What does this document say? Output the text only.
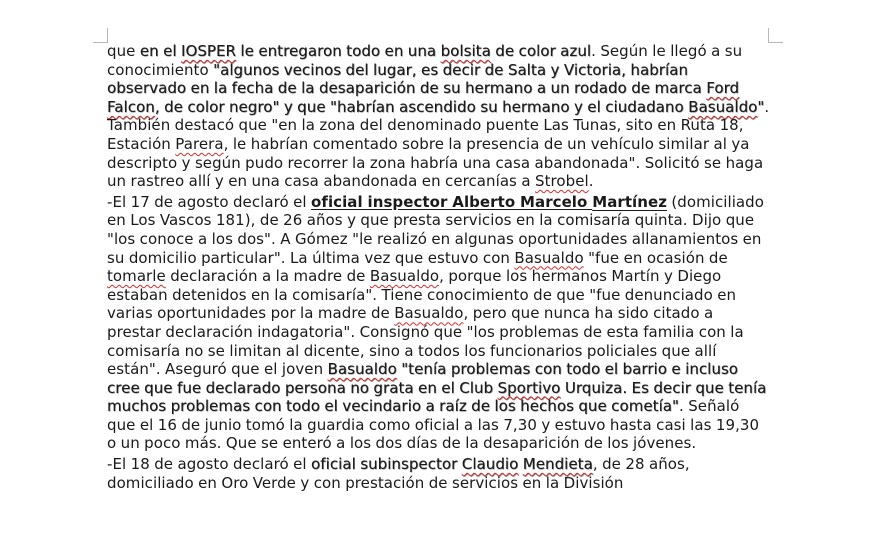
que en el IOSPER le entregaron todo en una bolsita de color azul. Según le llegó a su conocimiento "algunos vecinos del lugar, es decir de Salta y Victoria, habrían observado en la fecha de la desaparición de su hermano a un rodado de marca Ford Falcon, de color negro" y que "habrían ascendido su hermano y el ciudadano Basualdo". También destacó que "en la zona del denominado puente Las Tunas, sito en Ruta 18, Estación Parera, le habrían comentado sobre la presencia de un vehículo similar al ya descripto y según pudo recorrer la zona habría una casa abandonada". Solicitó se haga un rastreo allí y en una casa abandonada en cercanías a Strobel.

-El 17 de agosto declaró el oficial inspector Alberto Marcelo Martínez (domiciliado en Los Vascos 181), de 26 años y que presta servicios en la comisaría quinta. Dijo que "los conoce a los dos". A Gómez "le realizó en algunas oportunidades allanamientos en su domicilio particular". La última vez que estuvo con Basualdo "fue en ocasión de tomarle declaración a la madre de Basualdo, porque los hermanos Martín y Diego estaban detenidos en la comisaría". Tiene conocimiento de que "fue denunciado en varias oportunidades por la madre de Basualdo, pero que nunca ha sido citado a prestar declaración indagatoria". Consignó que "los problemas de esta familia con la comisaría no se limitan al dicente, sino a todos los funcionarios policiales que allí están". Aseguró que el joven Basualdo "tenía problemas con todo el barrio e incluso cree que fue declarado persona no grata en el Club Sportivo Urquiza. Es decir que tenía muchos problemas con todo el vecindario a raíz de los hechos que cometía". Señaló que el 16 de junio tomó la guardia como oficial a las 7,30 y estuvo hasta casi las 19,30 o un poco más. Que se enteró a los dos días de la desaparición de los jóvenes.

-El 18 de agosto declaró el oficial subinspector Claudio Mendieta, de 28 años, domiciliado en Oro Verde y con prestación de servicios en la División
